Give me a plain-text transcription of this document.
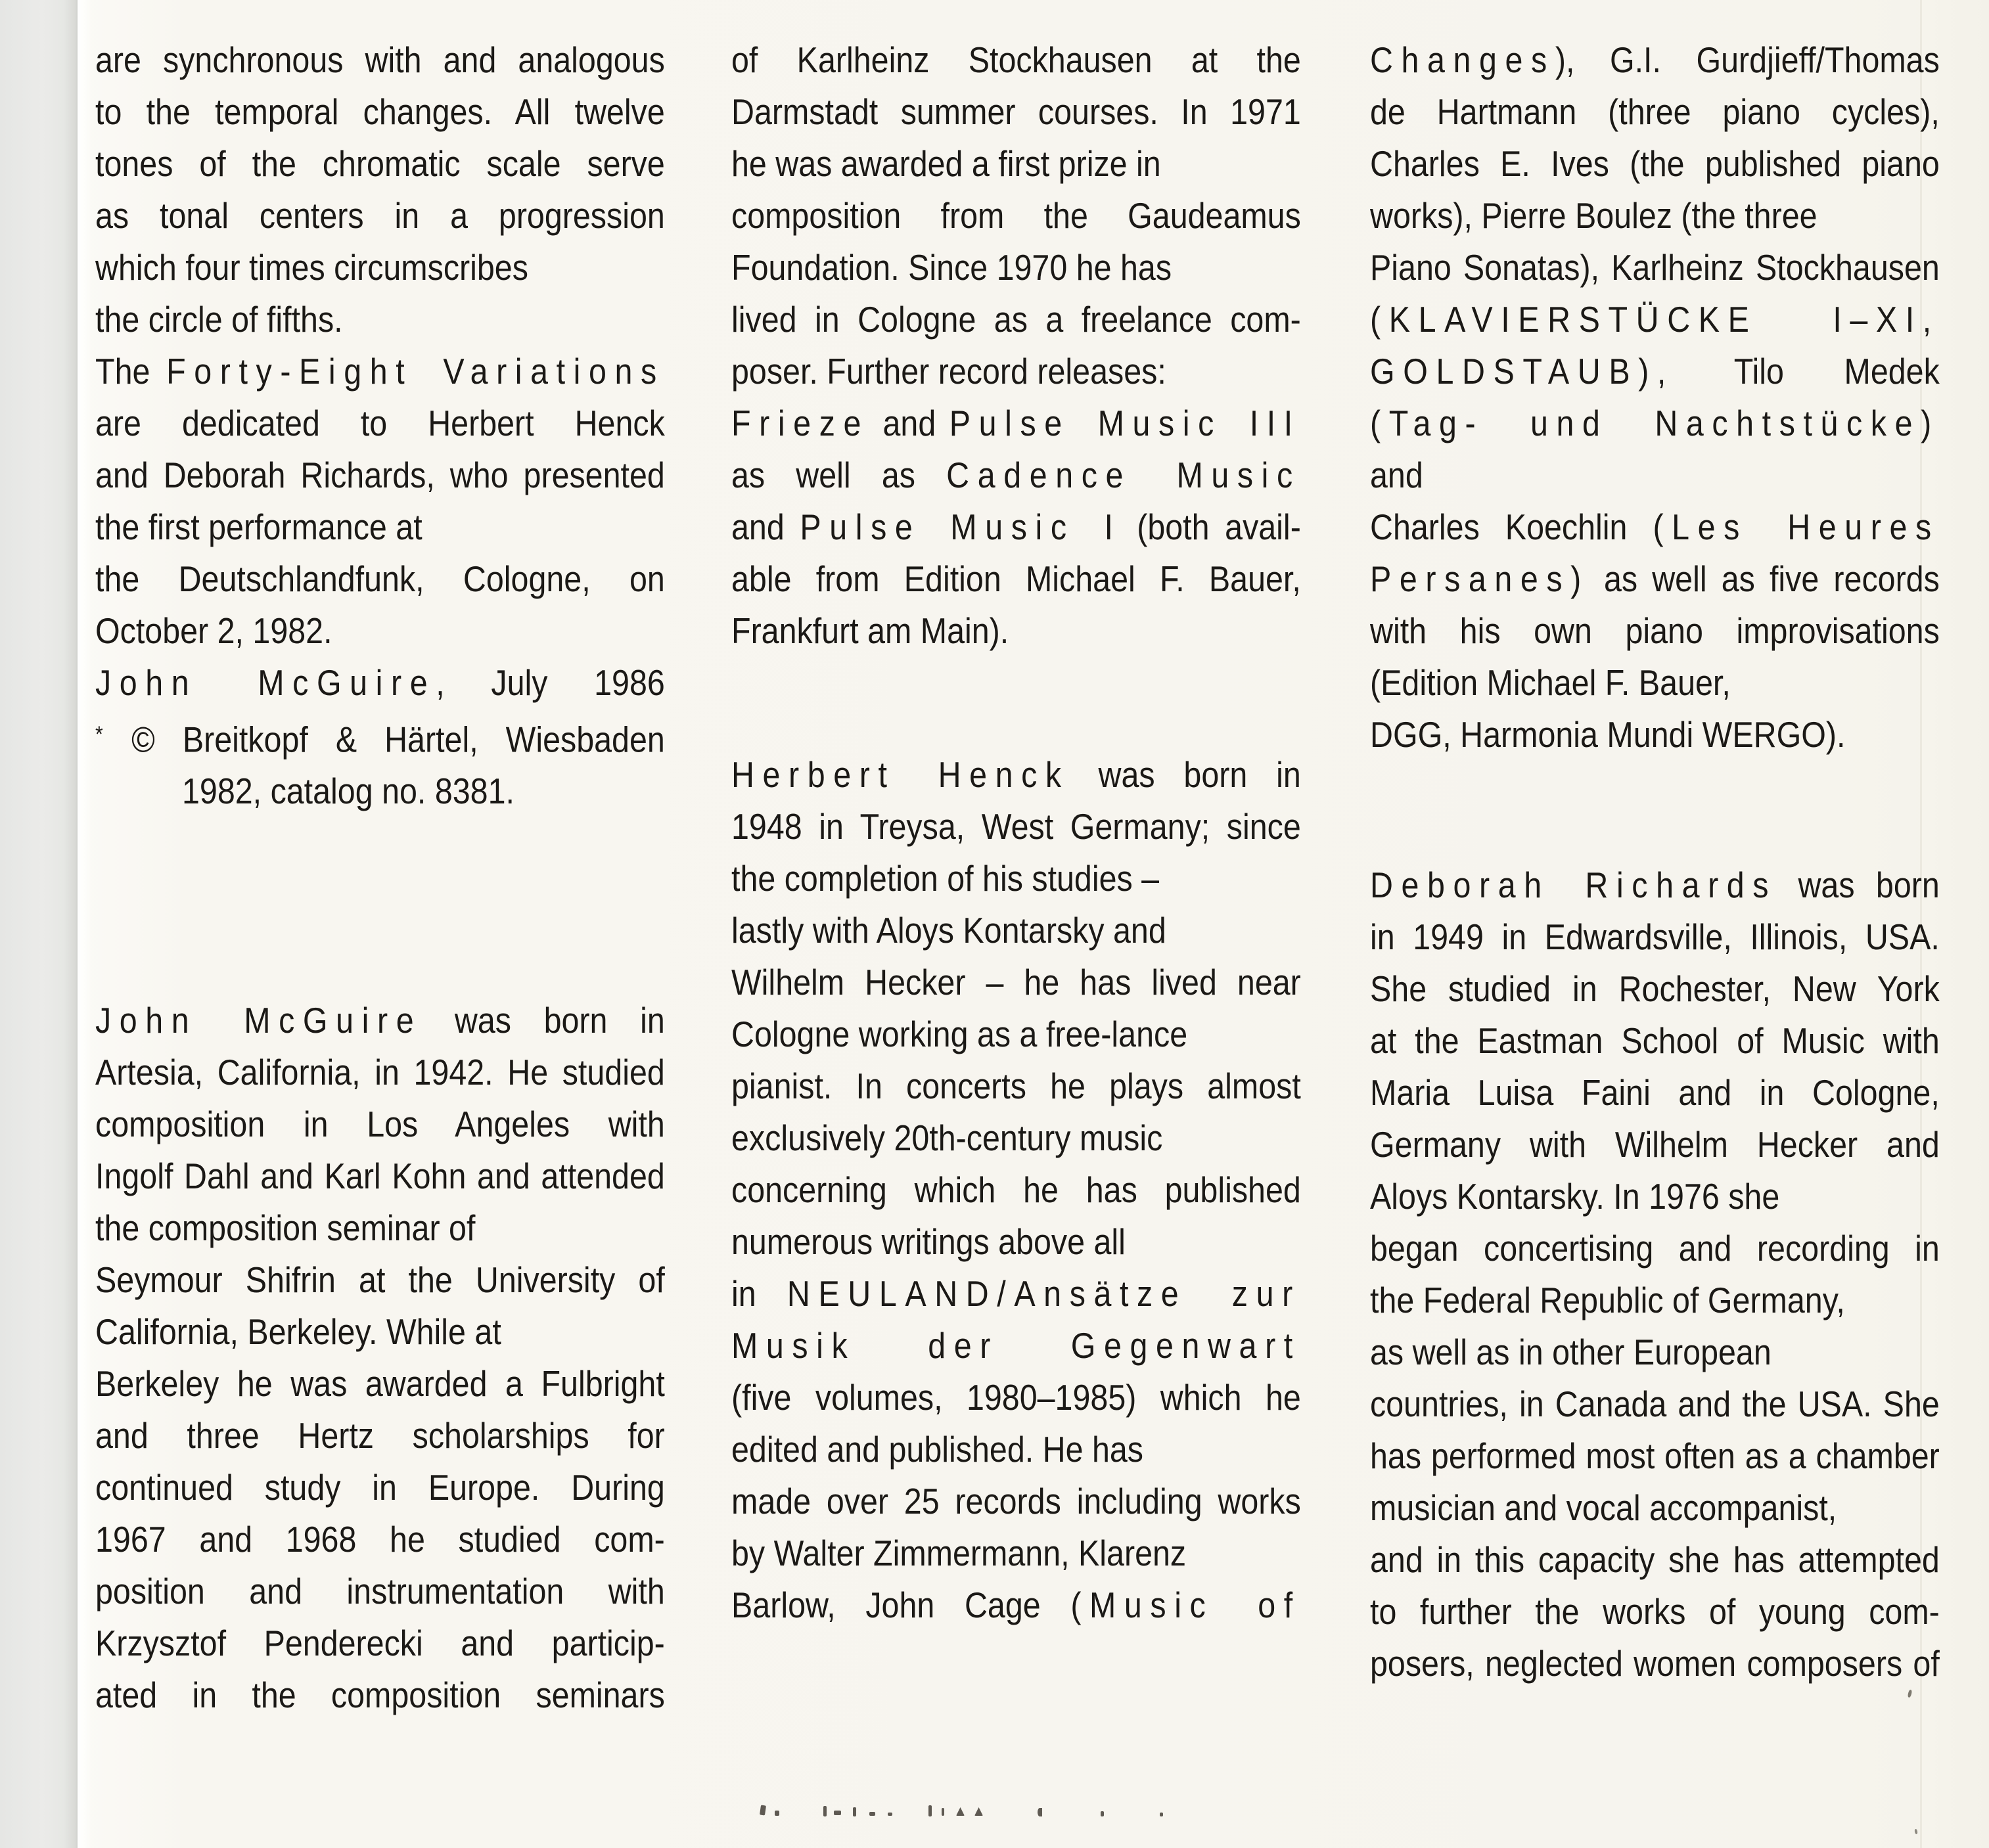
are synchronous with and analogous
to the temporal changes. All twelve
tones of the chromatic scale serve
as tonal centers in a progression
which four times circumscribes
the circle of fifths.
The Forty-Eight Variations
are dedicated to Herbert Henck
and Deborah Richards, who presented
the first performance at
the Deutschlandfunk, Cologne, on
October 2, 1982.
John McGuire, July 1986
* © Breitkopf & Härtel, Wiesbaden
1982, catalog no. 8381.
John McGuire was born in
Artesia, California, in 1942. He studied
composition in Los Angeles with
Ingolf Dahl and Karl Kohn and attended
the composition seminar of
Seymour Shifrin at the University of
California, Berkeley. While at
Berkeley he was awarded a Fulbright
and three Hertz scholarships for
continued study in Europe. During
1967 and 1968 he studied com-
position and instrumentation with
Krzysztof Penderecki and particip-
ated in the composition seminars
of Karlheinz Stockhausen at the
Darmstadt summer courses. In 1971
he was awarded a first prize in
composition from the Gaudeamus
Foundation. Since 1970 he has
lived in Cologne as a freelance com-
poser. Further record releases:
Frieze and Pulse Music III
as well as Cadence Music
and Pulse Music I (both avail-
able from Edition Michael F. Bauer,
Frankfurt am Main).
Herbert Henck was born in
1948 in Treysa, West Germany; since
the completion of his studies –
lastly with Aloys Kontarsky and
Wilhelm Hecker – he has lived near
Cologne working as a free-lance
pianist. In concerts he plays almost
exclusively 20th-century music
concerning which he has published
numerous writings above all
in NEULAND/Ansätze zur
Musik der Gegenwart
(five volumes, 1980–1985) which he
edited and published. He has
made over 25 records including works
by Walter Zimmermann, Klarenz
Barlow, John Cage (Music of
Changes), G.I. Gurdjieff/Thomas
de Hartmann (three piano cycles),
Charles E. Ives (the published piano
works), Pierre Boulez (the three
Piano Sonatas), Karlheinz Stockhausen
(KLAVIERSTÜCKE I–XI,
GOLDSTAUB), Tilo Medek
(Tag- und Nachtstücke) and
Charles Koechlin (Les Heures
Persanes) as well as five records
with his own piano improvisations
(Edition Michael F. Bauer,
DGG, Harmonia Mundi WERGO).
Deborah Richards was born
in 1949 in Edwardsville, Illinois, USA.
She studied in Rochester, New York
at the Eastman School of Music with
Maria Luisa Faini and in Cologne,
Germany with Wilhelm Hecker and
Aloys Kontarsky. In 1976 she
began concertising and recording in
the Federal Republic of Germany,
as well as in other European
countries, in Canada and the USA. She
has performed most often as a chamber
musician and vocal accompanist,
and in this capacity she has attempted
to further the works of young com-
posers, neglected women composers of
